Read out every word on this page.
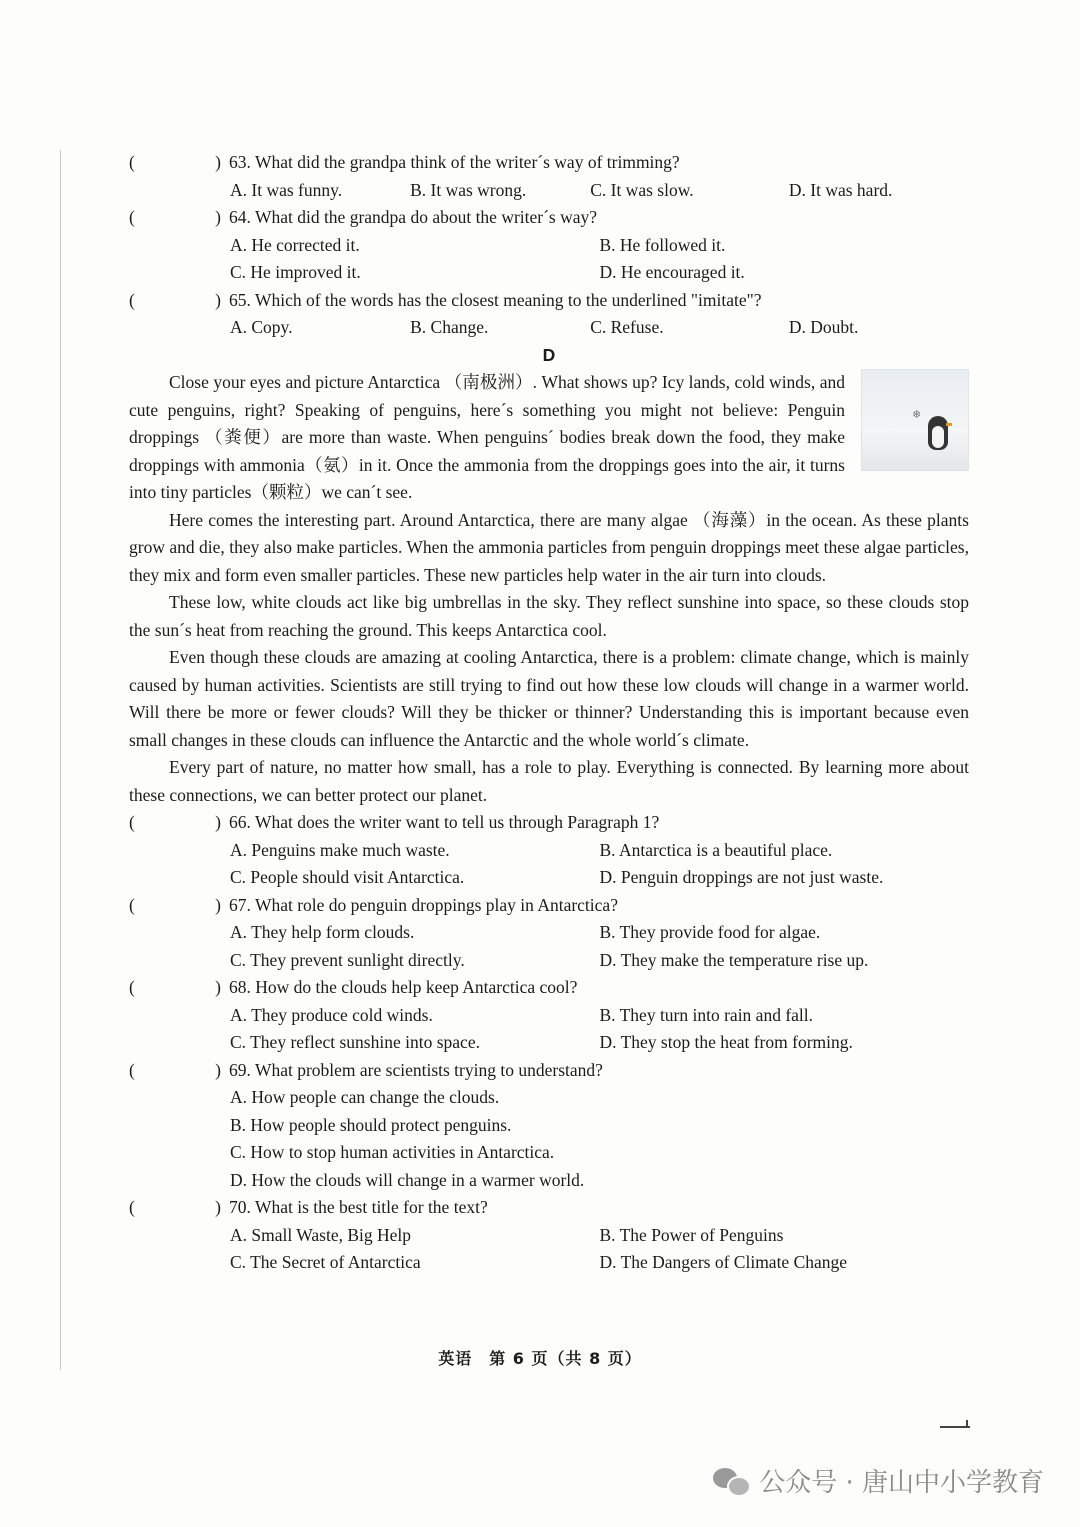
(	) 63. What did the grandpa think of the writer´s way of trimming?
A. It was funny.	B. It was wrong.	C. It was slow.	D. It was hard.
(	) 64. What did the grandpa do about the writer´s way?
A. He corrected it.	B. He followed it.
C. He improved it.	D. He encouraged it.
(	) 65. Which of the words has the closest meaning to the underlined "imitate"?
A. Copy.	B. Change.	C. Refuse.	D. Doubt.
D
❄

Close your eyes and picture Antarctica （南极洲）. What shows up? Icy lands, cold winds, and cute penguins, right? Speaking of penguins, here´s something you might not believe: Penguin droppings （粪便）are more than waste. When penguins´ bodies break down the food, they make droppings with ammonia（氨）in it. Once the ammonia from the droppings goes into the air, it turns into tiny particles（颗粒）we can´t see.

Here comes the interesting part. Around Antarctica, there are many algae （海藻）in the ocean. As these plants grow and die, they also make particles. When the ammonia particles from penguin droppings meet these algae particles, they mix and form even smaller particles. These new particles help water in the air turn into clouds.

These low, white clouds act like big umbrellas in the sky. They reflect sunshine into space, so these clouds stop the sun´s heat from reaching the ground. This keeps Antarctica cool.

Even though these clouds are amazing at cooling Antarctica, there is a problem: climate change, which is mainly caused by human activities. Scientists are still trying to find out how these low clouds will change in a warmer world. Will there be more or fewer clouds? Will they be thicker or thinner? Understanding this is important because even small changes in these clouds can influence the Antarctic and the whole world´s climate.

Every part of nature, no matter how small, has a role to play. Everything is connected. By learning more about these connections, we can better protect our planet.

(	) 66. What does the writer want to tell us through Paragraph 1?
A. Penguins make much waste.	B. Antarctica is a beautiful place.
C. People should visit Antarctica.	D. Penguin droppings are not just waste.
(	) 67. What role do penguin droppings play in Antarctica?
A. They help form clouds.	B. They provide food for algae.
C. They prevent sunlight directly.	D. They make the temperature rise up.
(	) 68. How do the clouds help keep Antarctica cool?
A. They produce cold winds.	B. They turn into rain and fall.
C. They reflect sunshine into space.	D. They stop the heat from forming.
(	) 69. What problem are scientists trying to understand?
A. How people can change the clouds.
B. How people should protect penguins.
C. How to stop human activities in Antarctica.
D. How the clouds will change in a warmer world.
(	) 70. What is the best title for the text?
A. Small Waste, Big Help	B. The Power of Penguins
C. The Secret of Antarctica	D. The Dangers of Climate Change
英语　第 6 页（共 8 页）
公众号 · 唐山中小学教育
